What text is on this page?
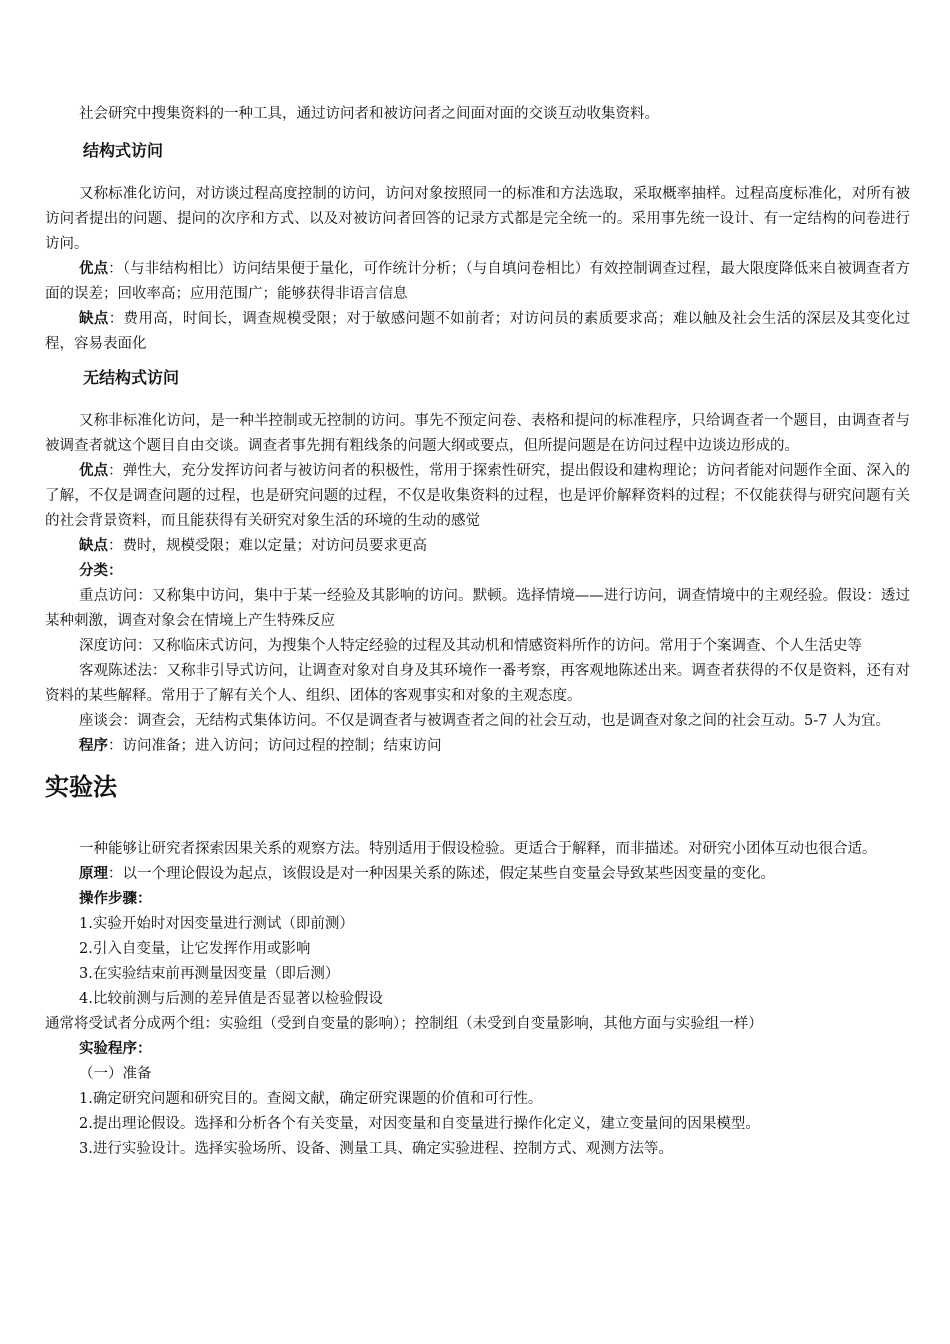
社会研究中搜集资料的一种工具，通过访问者和被访问者之间面对面的交谈互动收集资料。

结构式访问

又称标准化访问，对访谈过程高度控制的访问，访问对象按照同一的标准和方法选取，采取概率抽样。过程高度标准化，对所有被访问者提出的问题、提问的次序和方式、以及对被访问者回答的记录方式都是完全统一的。采用事先统一设计、有一定结构的问卷进行访问。

优点：（与非结构相比）访问结果便于量化，可作统计分析；（与自填问卷相比）有效控制调查过程，最大限度降低来自被调查者方面的误差；回收率高；应用范围广；能够获得非语言信息

缺点：费用高，时间长，调查规模受限；对于敏感问题不如前者；对访问员的素质要求高；难以触及社会生活的深层及其变化过程，容易表面化

无结构式访问

又称非标准化访问，是一种半控制或无控制的访问。事先不预定问卷、表格和提问的标准程序，只给调查者一个题目，由调查者与被调查者就这个题目自由交谈。调查者事先拥有粗线条的问题大纲或要点，但所提问题是在访问过程中边谈边形成的。

优点：弹性大，充分发挥访问者与被访问者的积极性，常用于探索性研究，提出假设和建构理论；访问者能对问题作全面、深入的了解，不仅是调查问题的过程，也是研究问题的过程，不仅是收集资料的过程，也是评价解释资料的过程；不仅能获得与研究问题有关的社会背景资料，而且能获得有关研究对象生活的环境的生动的感觉

缺点：费时，规模受限；难以定量；对访问员要求更高

分类：

重点访问：又称集中访问，集中于某一经验及其影响的访问。默顿。选择情境——进行访问，调查情境中的主观经验。假设：透过某种刺激，调查对象会在情境上产生特殊反应

深度访问：又称临床式访问，为搜集个人特定经验的过程及其动机和情感资料所作的访问。常用于个案调查、个人生活史等

客观陈述法：又称非引导式访问，让调查对象对自身及其环境作一番考察，再客观地陈述出来。调查者获得的不仅是资料，还有对资料的某些解释。常用于了解有关个人、组织、团体的客观事实和对象的主观态度。

座谈会：调查会，无结构式集体访问。不仅是调查者与被调查者之间的社会互动，也是调查对象之间的社会互动。5-7 人为宜。

程序：访问准备；进入访问；访问过程的控制；结束访问

实验法

一种能够让研究者探索因果关系的观察方法。特别适用于假设检验。更适合于解释，而非描述。对研究小团体互动也很合适。

原理：以一个理论假设为起点，该假设是对一种因果关系的陈述，假定某些自变量会导致某些因变量的变化。

操作步骤：

1.实验开始时对因变量进行测试（即前测）

2.引入自变量，让它发挥作用或影响

3.在实验结束前再测量因变量（即后测）

4.比较前测与后测的差异值是否显著以检验假设

通常将受试者分成两个组：实验组（受到自变量的影响）；控制组（未受到自变量影响，其他方面与实验组一样）

实验程序：

（一）准备

1.确定研究问题和研究目的。查阅文献，确定研究课题的价值和可行性。

2.提出理论假设。选择和分析各个有关变量，对因变量和自变量进行操作化定义，建立变量间的因果模型。

3.进行实验设计。选择实验场所、设备、测量工具、确定实验进程、控制方式、观测方法等。
